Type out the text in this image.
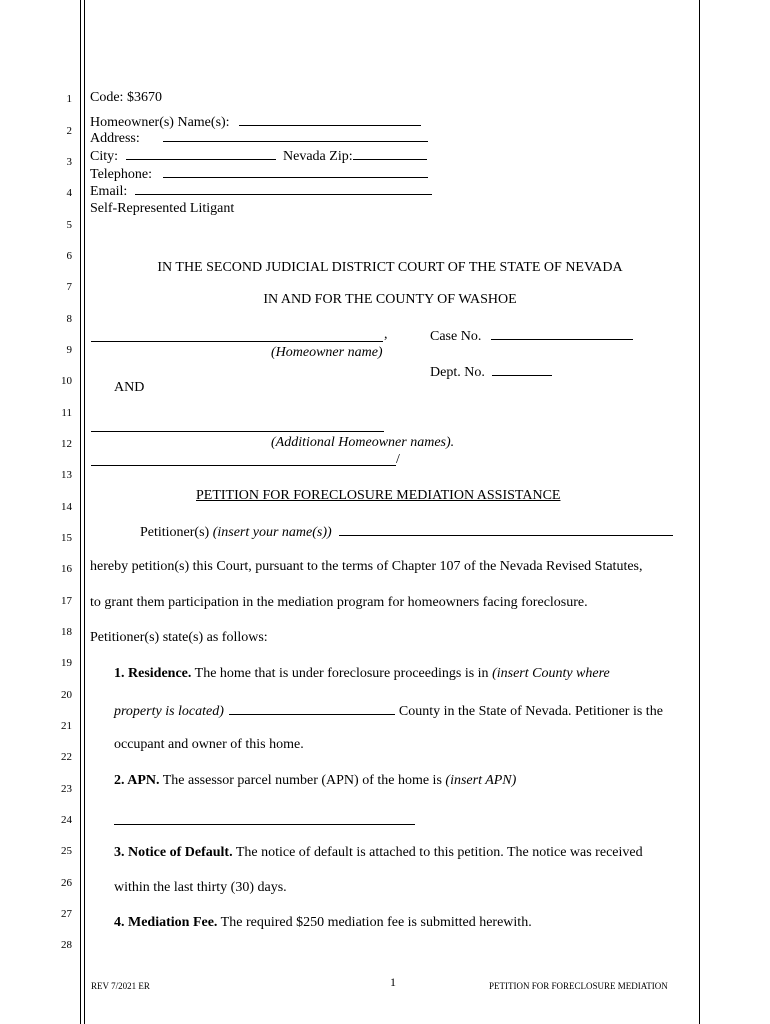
1
2
3
4
5
6
7
8
9
10
11
12
13
14
15
16
17
18
19
20
21
22
23
24
25
26
27
28
Code: $3670
Homeowner(s) Name(s):
Address:
City:	Nevada Zip:
Telephone:
Email:
Self-Represented Litigant
IN THE SECOND JUDICIAL DISTRICT COURT OF THE STATE OF NEVADA
IN AND FOR THE COUNTY OF WASHOE
,
(Homeowner name)
Case No.
Dept. No.
AND
(Additional Homeowner names).
/
PETITION FOR FORECLOSURE MEDIATION ASSISTANCE
Petitioner(s) (insert your name(s))
hereby petition(s) this Court, pursuant to the terms of Chapter 107 of the Nevada Revised Statutes,
to grant them participation in the mediation program for homeowners facing foreclosure.
Petitioner(s) state(s) as follows:
1. Residence. The home that is under foreclosure proceedings is in (insert County where
property is located)	County in the State of Nevada. Petitioner is the
occupant and owner of this home.
2. APN. The assessor parcel number (APN) of the home is (insert APN)
3. Notice of Default. The notice of default is attached to this petition. The notice was received
within the last thirty (30) days.
4. Mediation Fee. The required $250 mediation fee is submitted herewith.
REV 7/2021 ER	1	PETITION FOR FORECLOSURE MEDIATION
